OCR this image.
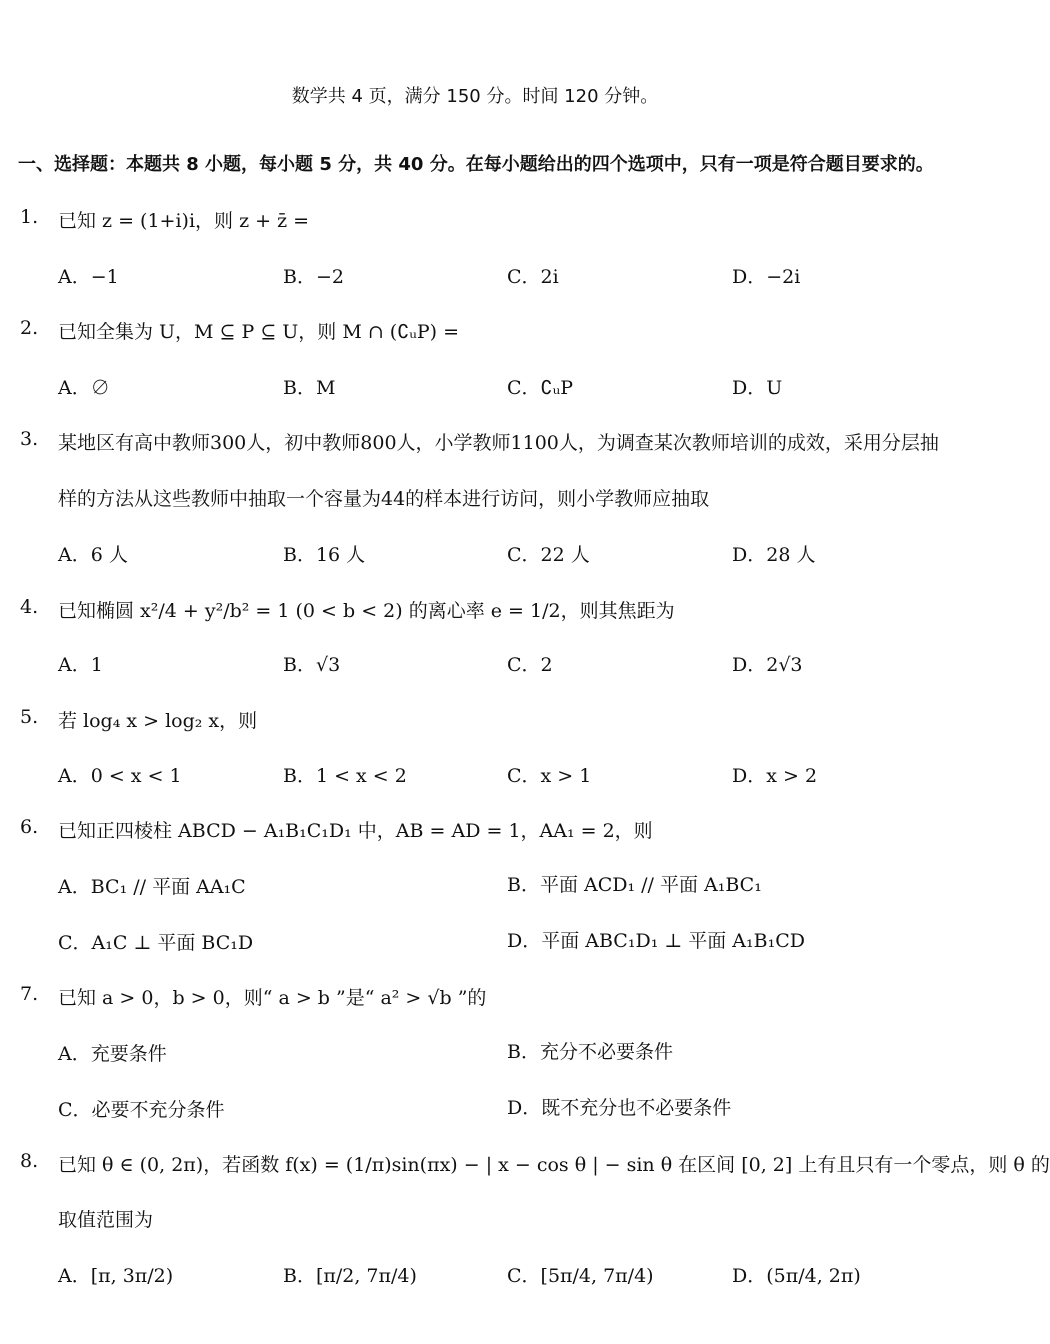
数学共 4 页，满分 150 分。时间 120 分钟。
一、选择题：本题共 8 小题，每小题 5 分，共 40 分。在每小题给出的四个选项中，只有一项是符合题目要求的。
1. 已知 z = (1+i)i，则 z + z̄ =
A．−1	B．−2	C．2i	D．−2i
2. 已知全集为 U，M ⊆ P ⊆ U，则 M ∩ (∁ᵤP) =
A．∅	B．M	C．∁ᵤP	D．U
3. 某地区有高中教师300人，初中教师800人，小学教师1100人，为调查某次教师培训的成效，采用分层抽
样的方法从这些教师中抽取一个容量为44的样本进行访问，则小学教师应抽取
A．6 人	B．16 人	C．22 人	D．28 人
4. 已知椭圆 x²/4 + y²/b² = 1 (0 < b < 2) 的离心率 e = 1/2，则其焦距为
A．1	B．√3	C．2	D．2√3
5. 若 log₄ x > log₂ x，则
A．0 < x < 1	B．1 < x < 2	C．x > 1	D．x > 2
6. 已知正四棱柱 ABCD − A₁B₁C₁D₁ 中，AB = AD = 1，AA₁ = 2，则
A．BC₁ // 平面 AA₁C	B．平面 ACD₁ // 平面 A₁BC₁
C．A₁C ⊥ 平面 BC₁D	D．平面 ABC₁D₁ ⊥ 平面 A₁B₁CD
7. 已知 a > 0，b > 0，则“ a > b ”是“ a² > √b ”的
A．充要条件	B．充分不必要条件
C．必要不充分条件	D．既不充分也不必要条件
8. 已知 θ ∈ (0, 2π)，若函数 f(x) = (1/π)sin(πx) − | x − cos θ | − sin θ 在区间 [0, 2] 上有且只有一个零点，则 θ 的
取值范围为
A．[π, 3π/2)	B．[π/2, 7π/4)	C．[5π/4, 7π/4)	D．(5π/4, 2π)
